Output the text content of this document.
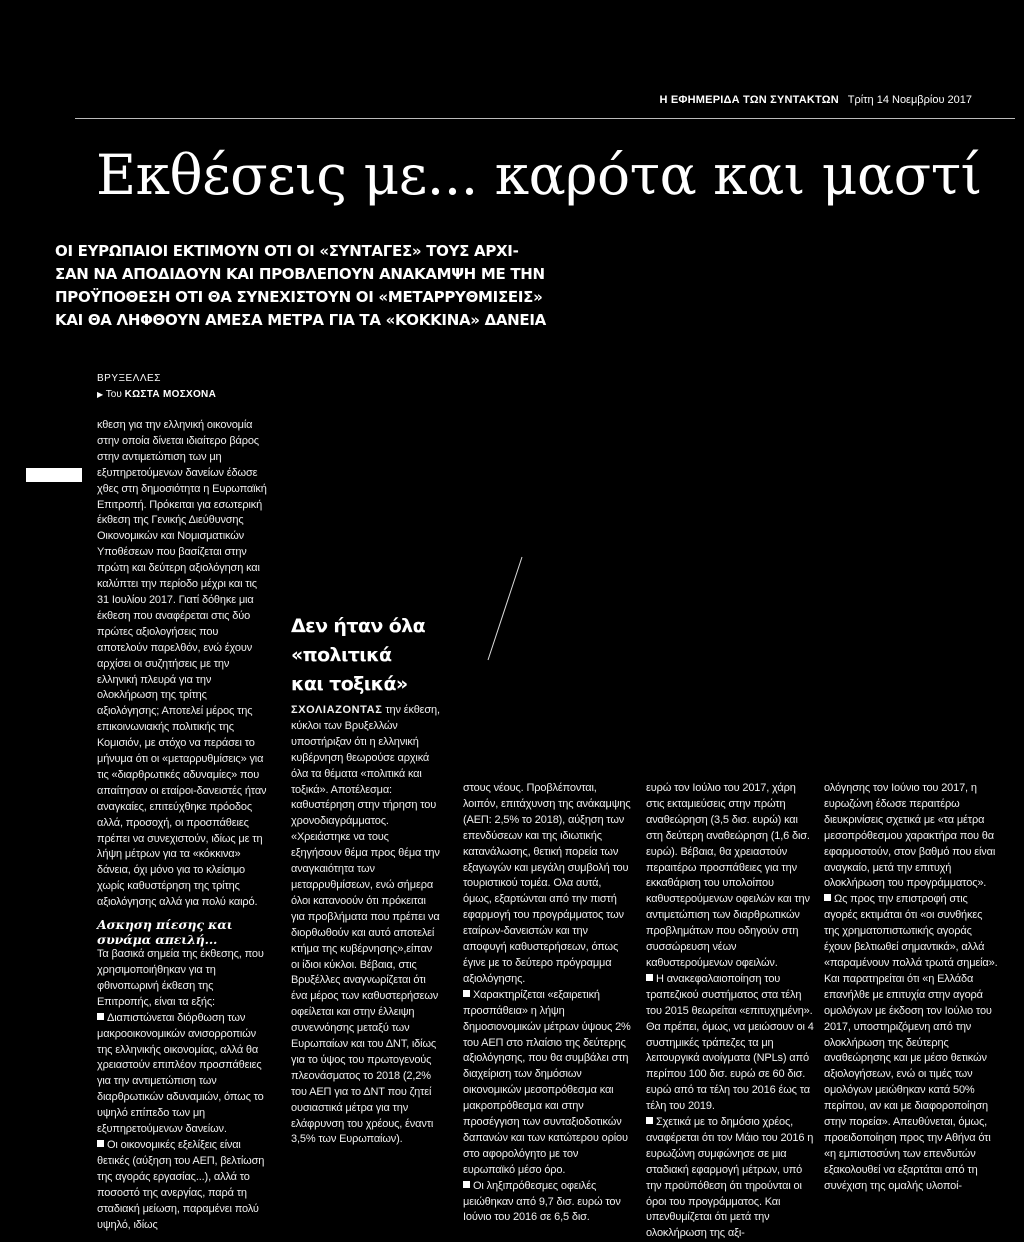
Η ΕΦΗΜΕΡΙΔΑ ΤΩΝ ΣΥΝΤΑΚΤΩΝ Τρίτη 14 Νοεμβρίου 2017
Εκθέσεις με... καρότα και μαστί
ΟΙ ΕΥΡΩΠΑΙΟΙ ΕΚΤΙΜΟΥΝ ΟΤΙ ΟΙ «ΣΥΝΤΑΓΕΣ» ΤΟΥΣ ΑΡΧΙ-
ΣΑΝ ΝΑ ΑΠΟΔΙΔΟΥΝ ΚΑΙ ΠΡΟΒΛΕΠΟΥΝ ΑΝΑΚΑΜΨΗ ΜΕ ΤΗΝ
ΠΡΟΫΠΟΘΕΣΗ ΟΤΙ ΘΑ ΣΥΝΕΧΙΣΤΟΥΝ ΟΙ «ΜΕΤΑΡΡΥΘΜΙΣΕΙΣ»
ΚΑΙ ΘΑ ΛΗΦΘΟΥΝ ΑΜΕΣΑ ΜΕΤΡΑ ΓΙΑ ΤΑ «ΚΟΚΚΙΝΑ» ΔΑΝΕΙΑ
ΒΡΥΞΕΛΛΕΣ
▶ Του ΚΩΣΤΑ ΜΟΣΧΟΝΑ

κθεση για την ελληνική οικονομία στην οποία δίνεται ιδιαίτερο βάρος στην αντιμετώπιση των μη εξυπηρετούμενων δανείων έδωσε χθες στη δημοσιότητα η Ευρωπαϊκή Επιτροπή. Πρόκειται για εσωτερική έκθεση της Γενικής Διεύθυνσης Οικονομικών και Νομισματικών Υποθέσεων που βασίζεται στην πρώτη και δεύτερη αξιολόγηση και καλύπτει την περίοδο μέχρι και τις 31 Ιουλίου 2017. Γιατί δόθηκε μια έκθεση που αναφέρεται στις δύο πρώτες αξιολογήσεις που αποτελούν παρελθόν, ενώ έχουν αρχίσει οι συζητήσεις με την ελληνική πλευρά για την ολοκλήρωση της τρίτης αξιολόγησης; Αποτελεί μέρος της επικοινωνιακής πολιτικής της Κομισιόν, με στόχο να περάσει το μήνυμα ότι οι «μεταρρυθμίσεις» για τις «διαρθρωτικές αδυναμίες» που απαίτησαν οι εταίροι-δανειστές ήταν αναγκαίες, επιτεύχθηκε πρόοδος αλλά, προσοχή, οι προσπάθειες πρέπει να συνεχιστούν, ιδίως με τη λήψη μέτρων για τα «κόκκινα» δάνεια, όχι μόνο για το κλείσιμο χωρίς καθυστέρηση της τρίτης αξιολόγησης αλλά για πολύ καιρό.

Ασκηση πίεσης και συνάμα απειλή...

Τα βασικά σημεία της έκθεσης, που χρησιμοποιήθηκαν για τη φθινοπωρινή έκθεση της Επιτροπής, είναι τα εξής:

Διαπιστώνεται διόρθωση των μακροοικονομικών ανισορροπιών της ελληνικής οικονομίας, αλλά θα χρειαστούν επιπλέον προσπάθειες για την αντιμετώπιση των διαρθρωτικών αδυναμιών, όπως το υψηλό επίπεδο των μη εξυπηρετούμενων δανείων.

Οι οικονομικές εξελίξεις είναι θετικές (αύξηση του ΑΕΠ, βελτίωση της αγοράς εργασίας...), αλλά το ποσοστό της ανεργίας, παρά τη σταδιακή μείωση, παραμένει πολύ υψηλό, ιδίως

Δεν ήταν όλα
«πολιτικά
και τοξικά»

ΣΧΟΛΙΑΖΟΝΤΑΣ την έκθεση, κύκλοι των Βρυξελλών υποστήριξαν ότι η ελληνική κυβέρνηση θεωρούσε αρχικά όλα τα θέματα «πολιτικά και τοξικά». Αποτέλεσμα: καθυστέρηση στην τήρηση του χρονοδιαγράμματος. «Χρειάστηκε να τους εξηγήσουν θέμα προς θέμα την αναγκαιότητα των μεταρρυθμίσεων, ενώ σήμερα όλοι κατανοούν ότι πρόκειται για προβλήματα που πρέπει να διορθωθούν και αυτό αποτελεί κτήμα της κυβέρνησης»,είπαν οι ίδιοι κύκλοι. Βέβαια, στις Βρυξέλλες αναγνωρίζεται ότι ένα μέρος των καθυστερήσεων οφείλεται και στην έλλειψη συνεννόησης μεταξύ των Ευρωπαίων και του ΔΝΤ, ιδίως για το ύψος του πρωτογενούς πλεονάσματος το 2018 (2,2% του ΑΕΠ για το ΔΝΤ που ζητεί ουσιαστικά μέτρα για την ελάφρυνση του χρέους, έναντι 3,5% των Ευρωπαίων).

στους νέους. Προβλέπονται, λοιπόν, επιτάχυνση της ανάκαμψης (ΑΕΠ: 2,5% το 2018), αύξηση των επενδύσεων και της ιδιωτικής κατανάλωσης, θετική πορεία των εξαγωγών και μεγάλη συμβολή του τουριστικού τομέα. Ολα αυτά, όμως, εξαρτώνται από την πιστή εφαρμογή του προγράμματος των εταίρων-δανειστών και την αποφυγή καθυστερήσεων, όπως έγινε με το δεύτερο πρόγραμμα αξιολόγησης.

Χαρακτηρίζεται «εξαιρετική προσπάθεια» η λήψη δημοσιονομικών μέτρων ύψους 2% του ΑΕΠ στο πλαίσιο της δεύτερης αξιολόγησης, που θα συμβάλει στη διαχείριση των δημόσιων οικονομικών μεσοπρόθεσμα και μακροπρόθεσμα και στην προσέγγιση των συνταξιοδοτικών δαπανών και των κατώτερου ορίου στο αφορολόγητο με τον ευρωπαϊκό μέσο όρο.

Οι ληξιπρόθεσμες οφειλές μειώθηκαν από 9,7 δισ. ευρώ τον Ιούνιο του 2016 σε 6,5 δισ.

ευρώ τον Ιούλιο του 2017, χάρη στις εκταμιεύσεις στην πρώτη αναθεώρηση (3,5 δισ. ευρώ) και στη δεύτερη αναθεώρηση (1,6 δισ. ευρώ). Βέβαια, θα χρειαστούν περαιτέρω προσπάθειες για την εκκαθάριση του υπολοίπου καθυστερούμενων οφειλών και την αντιμετώπιση των διαρθρωτικών προβλημάτων που οδηγούν στη συσσώρευση νέων καθυστερούμενων οφειλών.

Η ανακεφαλαιοποίηση του τραπεζικού συστήματος στα τέλη του 2015 θεωρείται «επιτυχημένη». Θα πρέπει, όμως, να μειώσουν οι 4 συστημικές τράπεζες τα μη λειτουργικά ανοίγματα (NPLs) από περίπου 100 δισ. ευρώ σε 60 δισ. ευρώ από τα τέλη του 2016 έως τα τέλη του 2019.

Σχετικά με το δημόσιο χρέος, αναφέρεται ότι τον Μάιο του 2016 η ευρωζώνη συμφώνησε σε μια σταδιακή εφαρμογή μέτρων, υπό την προϋπόθεση ότι τηρούνται οι όροι του προγράμματος. Και υπενθυμίζεται ότι μετά την ολοκλήρωση της αξι-

ολόγησης τον Ιούνιο του 2017, η ευρωζώνη έδωσε περαιτέρω διευκρινίσεις σχετικά με «τα μέτρα μεσοπρόθεσμου χαρακτήρα που θα εφαρμοστούν, στον βαθμό που είναι αναγκαίο, μετά την επιτυχή ολοκλήρωση του προγράμματος».

Ως προς την επιστροφή στις αγορές εκτιμάται ότι «οι συνθήκες της χρηματοπιστωτικής αγοράς έχουν βελτιωθεί σημαντικά», αλλά «παραμένουν πολλά τρωτά σημεία». Και παρατηρείται ότι «η Ελλάδα επανήλθε με επιτυχία στην αγορά ομολόγων με έκδοση τον Ιούλιο του 2017, υποστηριζόμενη από την ολοκλήρωση της δεύτερης αναθεώρησης και με μέσο θετικών αξιολογήσεων, ενώ οι τιμές των ομολόγων μειώθηκαν κατά 50% περίπου, αν και με διαφοροποίηση στην πορεία». Απευθύνεται, όμως, προειδοποίηση προς την Αθήνα ότι «η εμπιστοσύνη των επενδυτών εξακολουθεί να εξαρτάται από τη συνέχιση της ομαλής υλοποί-
